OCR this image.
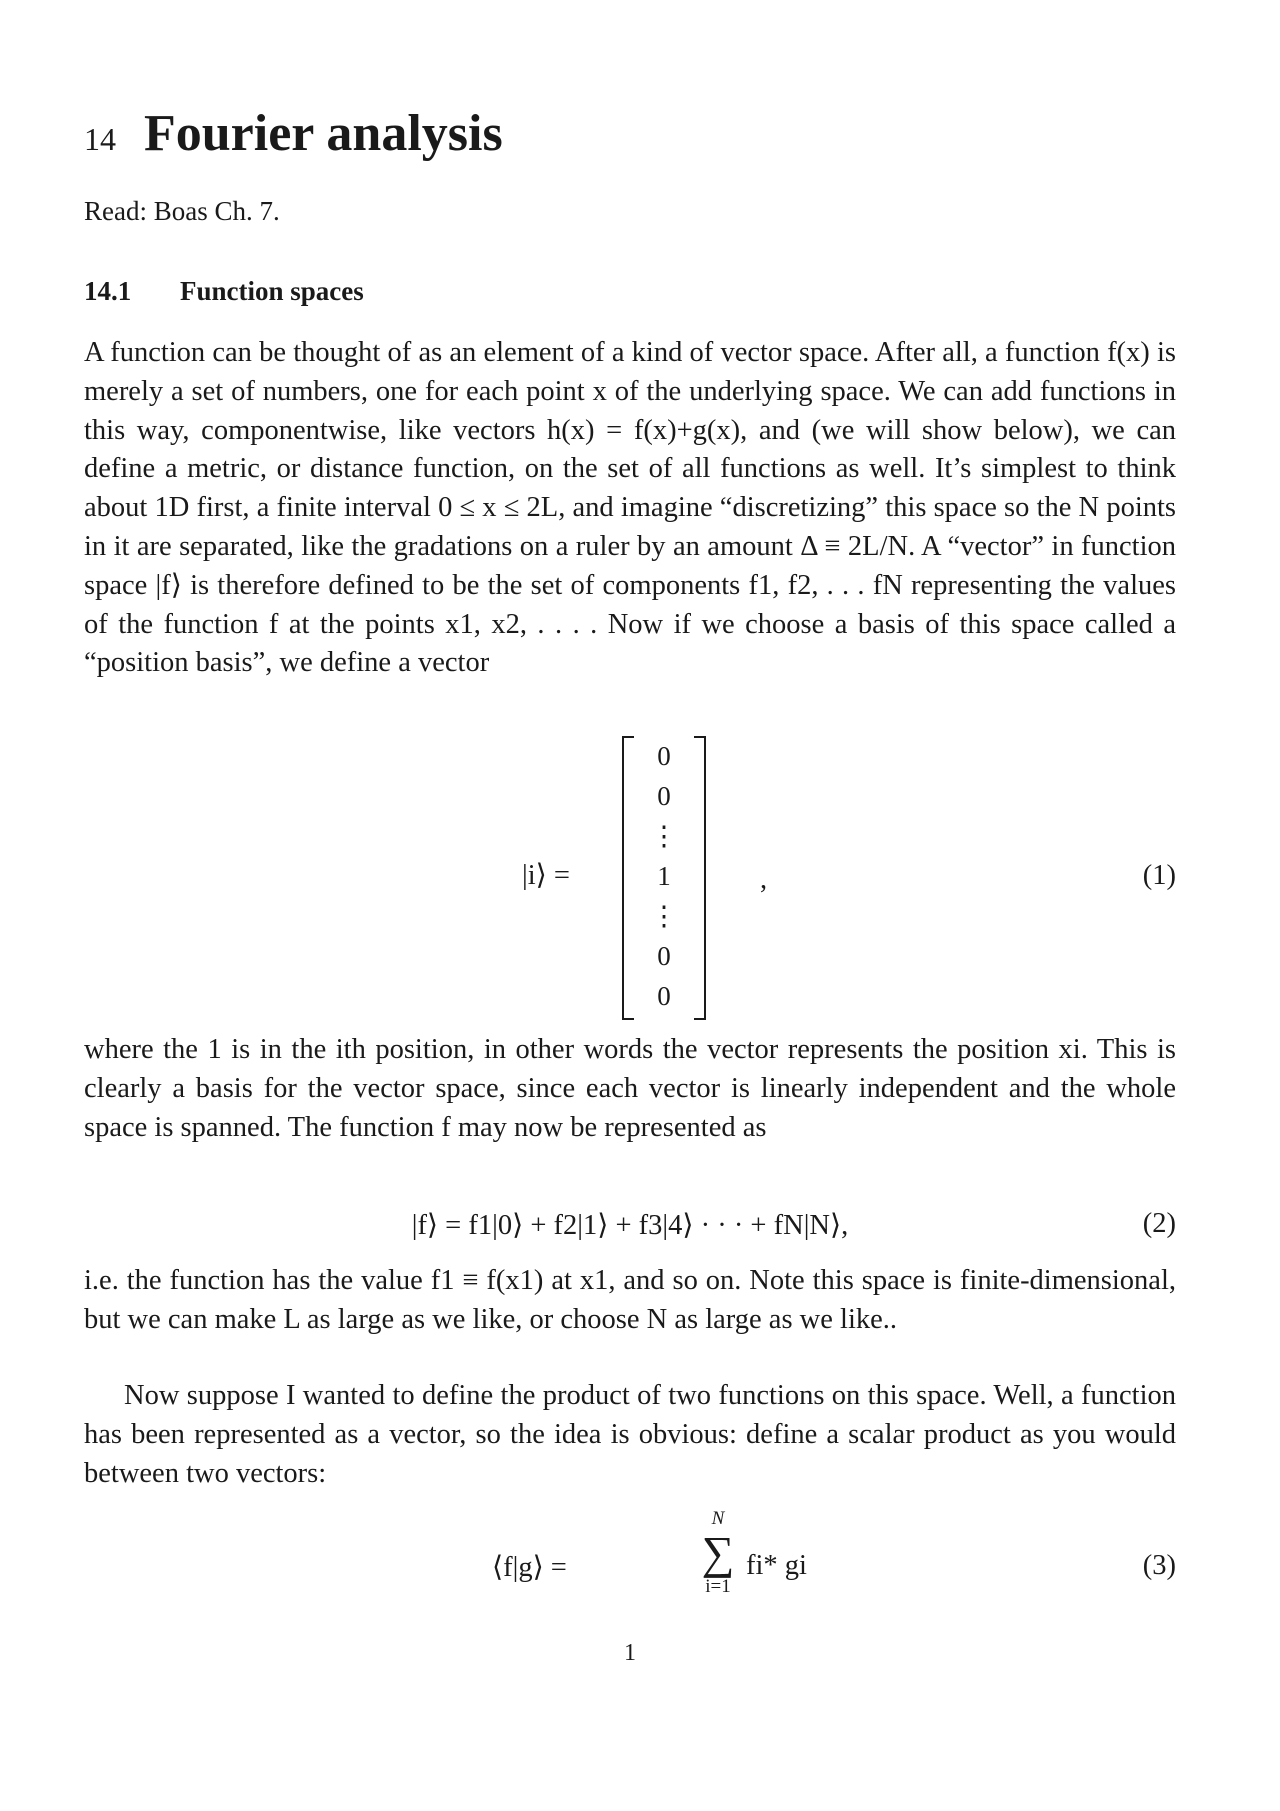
14 Fourier analysis
Read: Boas Ch. 7.
14.1 Function spaces
A function can be thought of as an element of a kind of vector space. After all, a function f(x) is merely a set of numbers, one for each point x of the underlying space. We can add functions in this way, componentwise, like vectors h(x) = f(x)+g(x), and (we will show below), we can define a metric, or distance function, on the set of all functions as well. It’s simplest to think about 1D first, a finite interval 0 ≤ x ≤ 2L, and imagine “discretizing” this space so the N points in it are separated, like the gradations on a ruler by an amount Δ ≡ 2L/N. A “vector” in function space |f⟩ is therefore defined to be the set of components f1, f2, . . . fN representing the values of the function f at the points x1, x2, . . . . Now if we choose a basis of this space called a “position basis”, we define a vector
|i⟩ =
0
0
⋮
1
⋮
0
0
,	(1)
where the 1 is in the ith position, in other words the vector represents the position xi. This is clearly a basis for the vector space, since each vector is linearly independent and the whole space is spanned. The function f may now be represented as
|f⟩ = f1|0⟩ + f2|1⟩ + f3|4⟩ · · · + fN|N⟩,	(2)
i.e. the function has the value f1 ≡ f(x1) at x1, and so on. Note this space is finite-dimensional, but we can make L as large as we like, or choose N as large as we like..
Now suppose I wanted to define the product of two functions on this space. Well, a function has been represented as a vector, so the idea is obvious: define a scalar product as you would between two vectors:
⟨f|g⟩ =
N
∑
i=1
fi* gi	(3)
1
